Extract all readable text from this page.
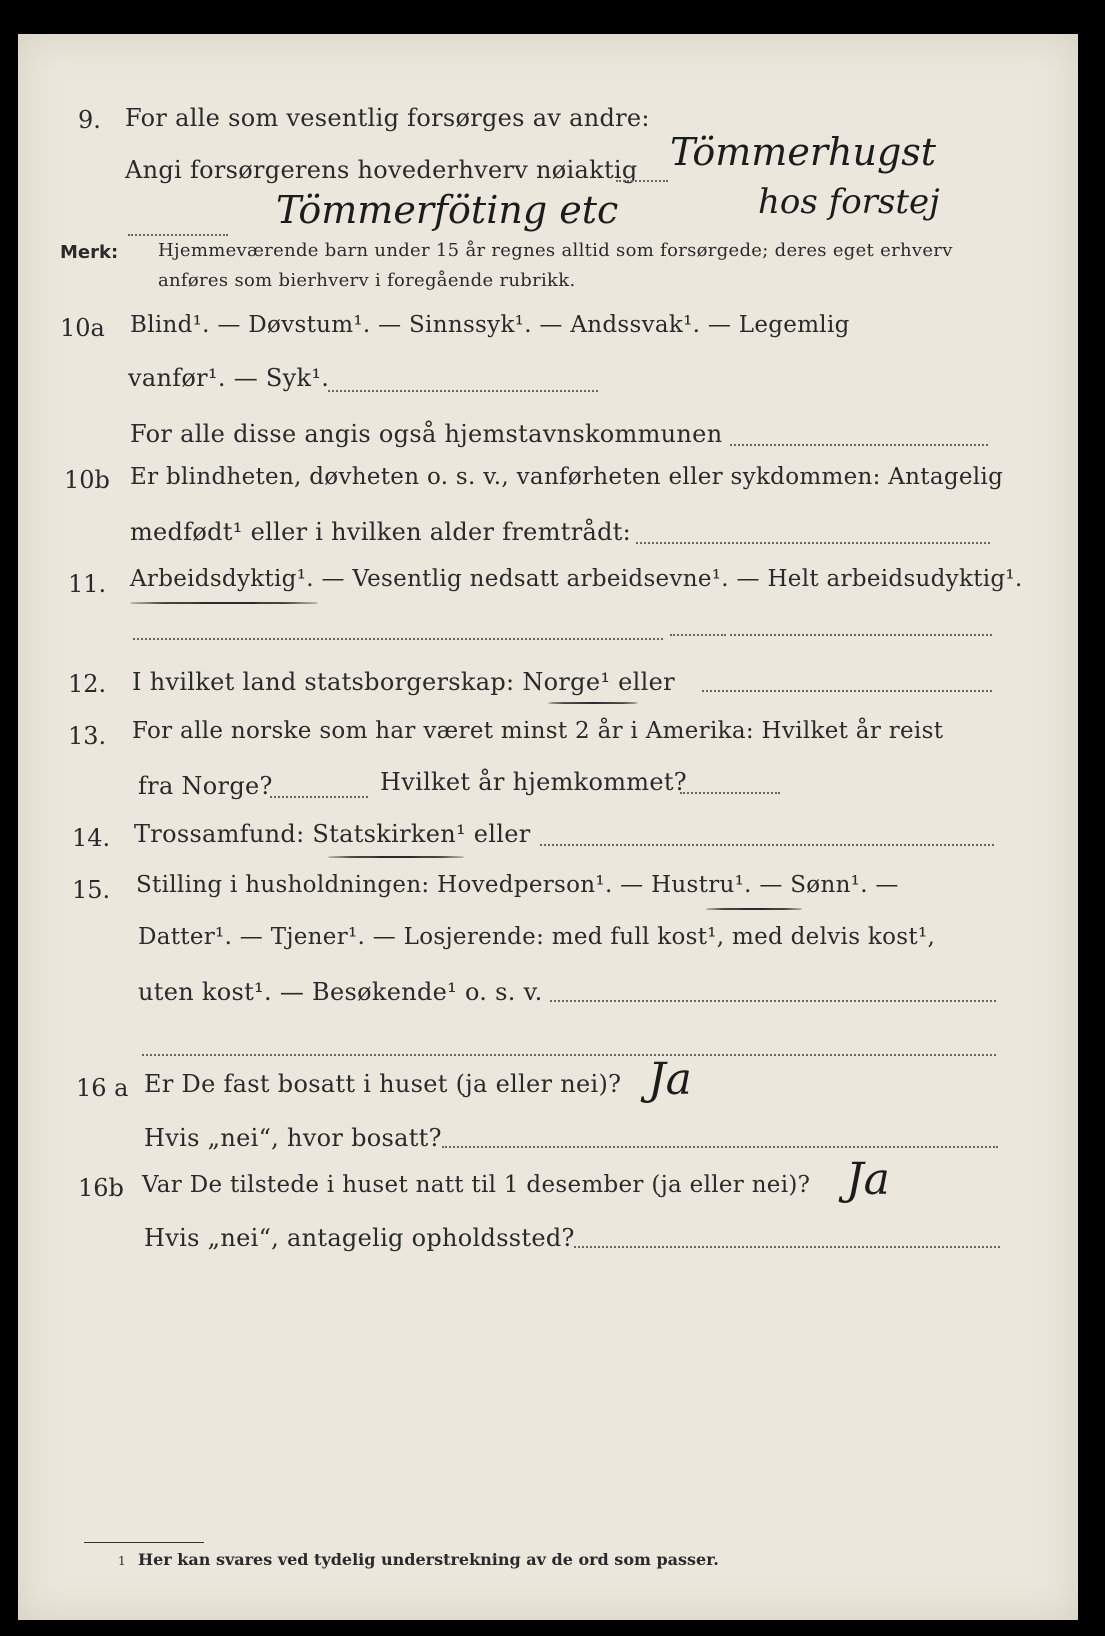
9. For alle som vesentlig forsørges av andre:
Angi forsørgerens hovederhverv nøiaktig Tömmerhugst
Tömmerföting etc	hos forstej
Merk: Hjemmeværende barn under 15 år regnes alltid som forsørgede; deres eget erhverv
anføres som bierhverv i foregående rubrikk.
10a Blind¹. — Døvstum¹. — Sinnssyk¹. — Andssvak¹. — Legemlig
vanfør¹. — Syk¹.
For alle disse angis også hjemstavnskommunen
10b Er blindheten, døvheten o. s. v., vanførheten eller sykdommen: Antagelig
medfødt¹ eller i hvilken alder fremtrådt:
11. Arbeidsdyktig¹. — Vesentlig nedsatt arbeidsevne¹. — Helt arbeidsudyktig¹.
12. I hvilket land statsborgerskap: Norge¹ eller
13. For alle norske som har været minst 2 år i Amerika: Hvilket år reist
fra Norge?	Hvilket år hjemkommet?
14. Trossamfund: Statskirken¹ eller
15. Stilling i husholdningen: Hovedperson¹. — Hustru¹. — Sønn¹. —
Datter¹. — Tjener¹. — Losjerende: med full kost¹, med delvis kost¹,
uten kost¹. — Besøkende¹ o. s. v.
16 a Er De fast bosatt i huset (ja eller nei)? Ja
Hvis „nei“, hvor bosatt?
16b Var De tilstede i huset natt til 1 desember (ja eller nei)? Ja
Hvis „nei“, antagelig opholdssted?
1 Her kan svares ved tydelig understrekning av de ord som passer.
